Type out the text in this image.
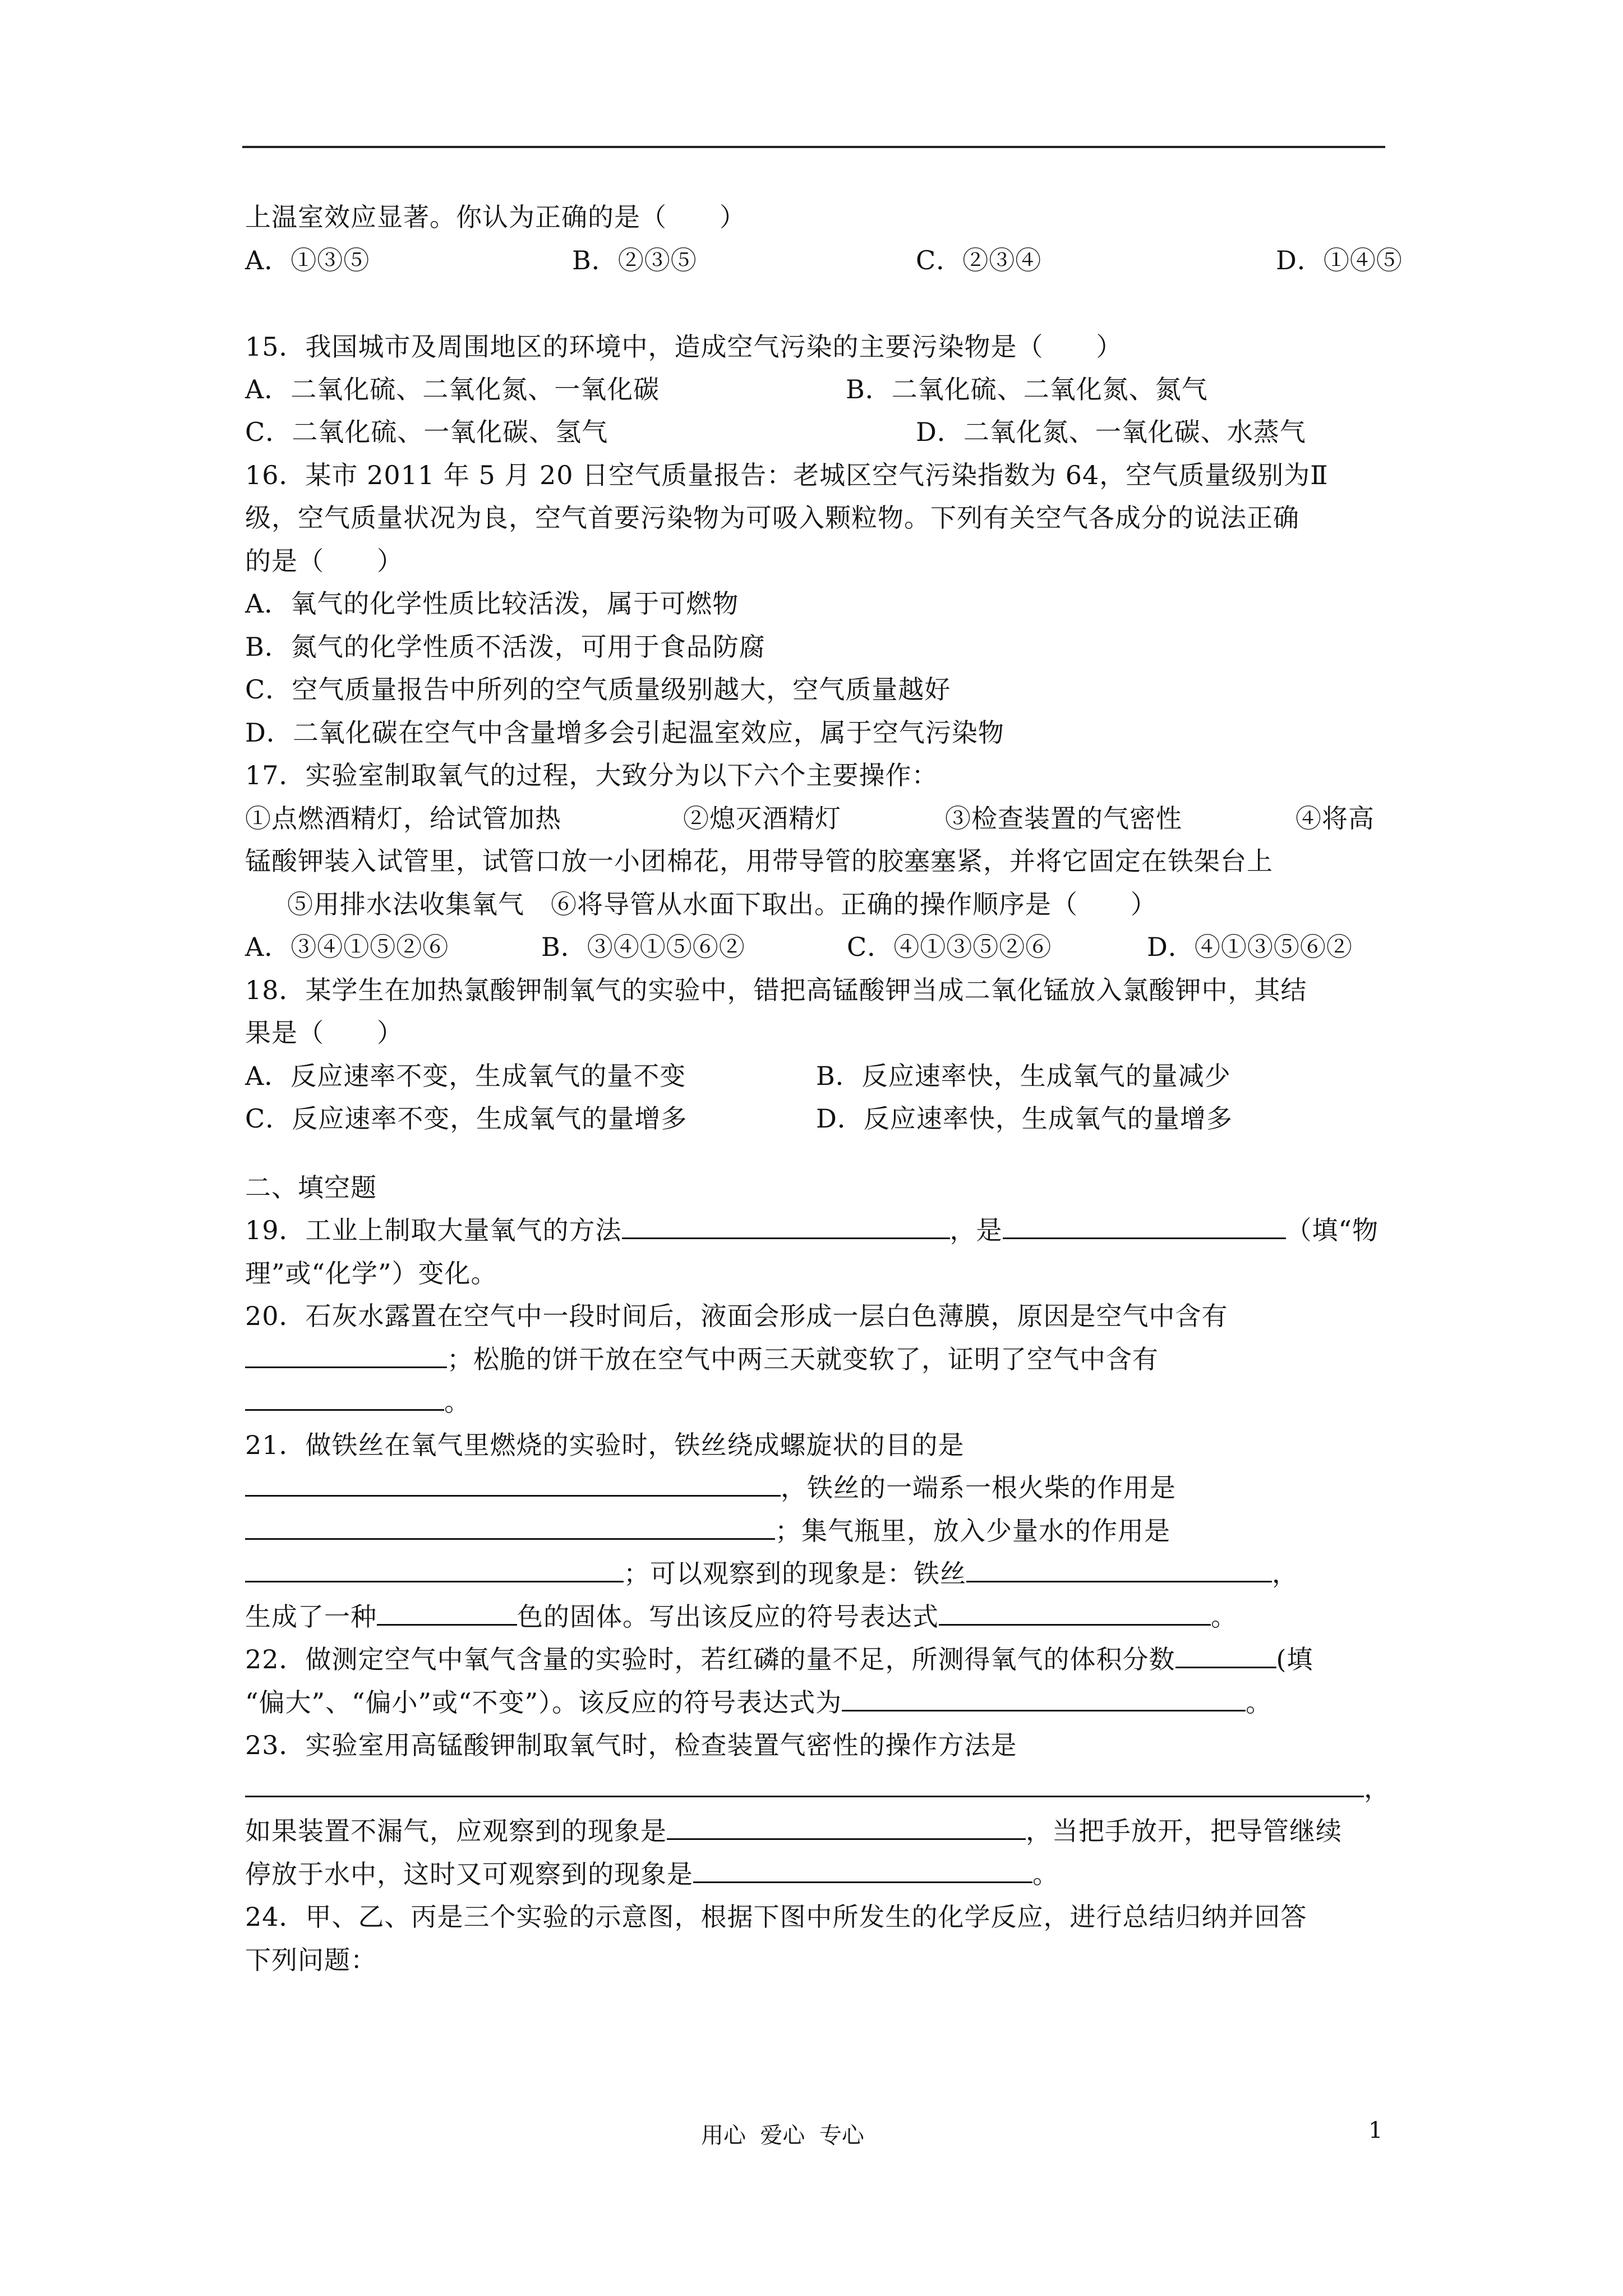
上温室效应显著。你认为正确的是（　　）
A．①③⑤	B．②③⑤	C．②③④	D．①④⑤
15．我国城市及周围地区的环境中，造成空气污染的主要污染物是（　　）
A．二氧化硫、二氧化氮、一氧化碳	B．二氧化硫、二氧化氮、氮气
C．二氧化硫、一氧化碳、氢气	D．二氧化氮、一氧化碳、水蒸气
16．某市 2011 年 5 月 20 日空气质量报告：老城区空气污染指数为 64，空气质量级别为Ⅱ
级，空气质量状况为良，空气首要污染物为可吸入颗粒物。下列有关空气各成分的说法正确
的是（　　）
A．氧气的化学性质比较活泼，属于可燃物
B．氮气的化学性质不活泼，可用于食品防腐
C．空气质量报告中所列的空气质量级别越大，空气质量越好
D．二氧化碳在空气中含量增多会引起温室效应，属于空气污染物
17．实验室制取氧气的过程，大致分为以下六个主要操作：
①点燃酒精灯，给试管加热	②熄灭酒精灯	③检查装置的气密性	④将高
锰酸钾装入试管里，试管口放一小团棉花，用带导管的胶塞塞紧，并将它固定在铁架台上
⑤用排水法收集氧气　⑥将导管从水面下取出。正确的操作顺序是（　　）
A．③④①⑤②⑥	B．③④①⑤⑥②	C．④①③⑤②⑥	D．④①③⑤⑥②
18．某学生在加热氯酸钾制氧气的实验中，错把高锰酸钾当成二氧化锰放入氯酸钾中，其结
果是（　　）
A．反应速率不变，生成氧气的量不变	B．反应速率快，生成氧气的量减少
C．反应速率不变，生成氧气的量增多	D．反应速率快，生成氧气的量增多
二、填空题
19．工业上制取大量氧气的方法	，是	（填“物
理”或“化学”）变化。
20．石灰水露置在空气中一段时间后，液面会形成一层白色薄膜，原因是空气中含有
；松脆的饼干放在空气中两三天就变软了，证明了空气中含有
。
21．做铁丝在氧气里燃烧的实验时，铁丝绕成螺旋状的目的是
，铁丝的一端系一根火柴的作用是
；集气瓶里，放入少量水的作用是
；可以观察到的现象是：铁丝	，
生成了一种	色的固体。写出该反应的符号表达式	。
22．做测定空气中氧气含量的实验时，若红磷的量不足，所测得氧气的体积分数	(填
“偏大”、“偏小”或“不变”）。该反应的符号表达式为	。
23．实验室用高锰酸钾制取氧气时，检查装置气密性的操作方法是
，
如果装置不漏气，应观察到的现象是	，当把手放开，把导管继续
停放于水中，这时又可观察到的现象是	。
24．甲、乙、丙是三个实验的示意图，根据下图中所发生的化学反应，进行总结归纳并回答
下列问题：
用心  爱心  专心	1
